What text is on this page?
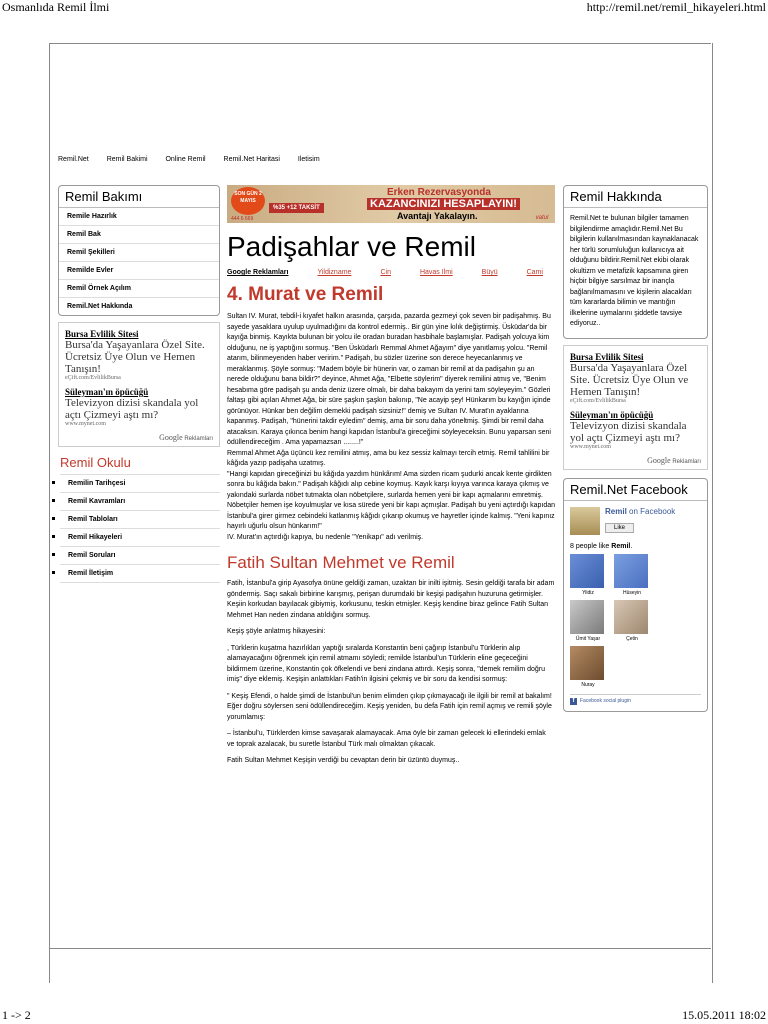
Osmanlıda Remil İlmi	http://remil.net/remil_hikayeleri.html
Remil.Net	Remil Bakimi	Online Remil	Remil.Net Haritasi	Iletisim
Remil Bakımı
Remile Hazırlık
Remil Bak
Remil Şekilleri
Remilde Evler
Remil Örnek Açılım
Remil.Net Hakkında
Bursa Evlilik Sitesi
Bursa'da Yaşayanlara Özel Site. Ücretsiz Üye Olun ve Hemen Tanışın!
eÇift.com/EvlilikBursa
Süleyman'ın öpücüğü
Televizyon dizisi skandala yol açtı Çizmeyi aştı mı?
www.mynet.com
Google Reklamları
Remil Okulu
Remilin Tarihçesi
Remil Kavramları
Remil Tabloları
Remil Hikayeleri
Remil Soruları
Remil İletişim
SON GÜN 2 MAYIS
%35 +12 TAKSİT
Erken Rezervasyonda
KAZANCINIZI HESAPLAYIN!
Avantajı Yakalayın.
444 6 669	vatur
Padişahlar ve Remil
Google Reklamları	Yildizname	Cin	Havas Ilmi	Büyü	Cami
4. Murat ve Remil

Sultan IV. Murat, tebdil-i kıyafet halkın arasında, çarşıda, pazarda gezmeyi çok seven bir padişahmış. Bu sayede yasaklara uyulup uyulmadığını da kontrol edermiş.. Bir gün yine kılık değiştirmiş. Üsküdar'da bir kayığa binmiş. Kayıkta bulunan bir yolcu ile oradan buradan hasbihale başlamışlar. Padişah yolcuya kim olduğunu, ne iş yaptığını sormuş. "Ben Üsküdarlı Remmal Ahmet Ağayım" diye yanıtlamış yolcu. "Remil atarım, bilinmeyenden haber veririm." Padişah, bu sözler üzerine son derece heyecanlanmış ve meraklanmış. Şöyle sormuş: "Madem böyle bir hünerin var, o zaman bir remil at da padişahın şu an nerede olduğunu bana bildir?" deyince, Ahmet Ağa, "Elbette söylerim" diyerek remilini atmış ve, "Benim hesabıma göre padişah şu anda deniz üzere olmalı, bir daha bakayım da yerini tam söyleyeyim." Gözleri faltaşı gibi açılan Ahmet Ağa, bir süre şaşkın şaşkın bakınıp, "Ne acayip şey! Hünkarım bu kayığın içinde görünüyor. Hünkar ben değilim demekki padişah sizsiniz!" demiş ve Sultan IV. Murat'ın ayaklarına kapanmış. Padişah, "hünerini takdir eyledim" demiş, ama bir soru daha yöneltmiş. Şimdi bir remil daha atacaksın. Karaya çıkınca benim hangi kapıdan İstanbul'a gireceğimi söyleyeceksin. Bunu yaparsan seni ödüllendireceğim . Ama yapamazsan ........!"
Remmal Ahmet Ağa üçüncü kez remilini atmış, ama bu kez sessiz kalmayı tercih etmiş. Remil tahlilini bir kâğıda yazıp padişaha uzatmış.
"Hangi kapıdan gireceğinizi bu kâğıda yazdım hünkârım! Ama sizden ricam şudurki ancak kente girdikten sonra bu kâğıda bakın." Padişah kâğıdı alıp cebine koymuş. Kayık karşı kıyıya varınca karaya çıkmış ve yakındaki surlarda nöbet tutmakta olan nöbetçilere, surlarda hemen yeni bir kapı açmalarını emretmiş. Nöbetçiler hemen işe koyulmuşlar ve kısa sürede yeni bir kapı açmışlar. Padişah bu yeni açtırdığı kapıdan İstanbul'a girer girmez cebindeki katlanmış kâğıdı çıkarıp okumuş ve hayretler içinde kalmış. "Yeni kapınız hayırlı uğurlu olsun hünkarım!"
IV. Murat'ın açtırdığı kapıya, bu nedenle "Yenikapı" adı verilmiş.

Fatih Sultan Mehmet ve Remil

Fatih, İstanbul'a girip Ayasofya önüne geldiği zaman, uzaktan bir inilti işitmiş. Sesin geldiği tarafa bir adam göndermiş. Saçı sakalı birbirine karışmış, perişan durumdaki bir keşişi padişahın huzuruna getirmişler. Keşiin korkudan bayılacak gibiymiş, korkusunu, teskin etmişler. Keşiş kendine biraz gelince Fatih Sultan Mehmet Han neden zindana atıldığını sormuş.

Keşiş şöyle anlatmış hikayesini:

, Türklerin kuşatma hazırlıkları yaptığı sıralarda Konstantin beni çağırıp İstanbul'u Türklerin alıp alamayacağını öğrenmek için remil atmamı söyledi; remilde İstanbul'un Türklerin eline geçeceğini bildirmem üzerine, Konstantin çok öfkelendi ve beni zindana attırdı. Keşiş sonra, "demek remilim doğru imiş" diye eklemiş. Keşişin anlattıkları Fatih'in ilgisini çekmiş ve bir soru da kendisi sormuş:

" Keşiş Efendi, o halde şimdi de İstanbul'un benim elimden çıkıp çıkmayacağı ile ilgili bir remil at bakalım! Eğer doğru söylersen seni ödüllendireceğim. Keşiş yeniden, bu defa Fatih için remil açmış ve remili şöyle yorumlamış:

– İstanbul'u, Türklerden kimse savaşarak alamayacak. Ama öyle bir zaman gelecek ki ellerindeki emlak ve toprak azalacak, bu suretle İstanbul Türk malı olmaktan çıkacak.

Fatih Sultan Mehmet Keşişin verdiği bu cevaptan derin bir üzüntü duymuş..

Remil Hakkında
Remil.Net te bulunan bilgiler tamamen bilgilendirme amaçlıdır.Remil.Net Bu bilgilerin kullanılmasından kaynaklanacak her türlü sorumluluğun kullanıcıya ait olduğunu bildirir.Remil.Net ekibi olarak okultizm ve metafizik kapsamına giren hiçbir bilgiye sarsılmaz bir inançla bağlanılmamasını ve kişilerin alacakları tüm kararlarda bilimin ve mantığın ilkelerine uymalarını şiddetle tavsiye ediyoruz..
Bursa Evlilik Sitesi
Bursa'da Yaşayanlara Özel Site. Ücretsiz Üye Olun ve Hemen Tanışın!
eÇift.com/EvlilikBursa
Süleyman'ın öpücüğü
Televizyon dizisi skandala yol açtı Çizmeyi aştı mı?
www.mynet.com
Google Reklamları
Remil.Net Facebook
Remil on Facebook
Like
8 people like Remil.
Yildiz	Hüseyin
Ümit Yaşar	Çetin
Nuray
f	Facebook social plugin
1 -> 2	15.05.2011 18:02
